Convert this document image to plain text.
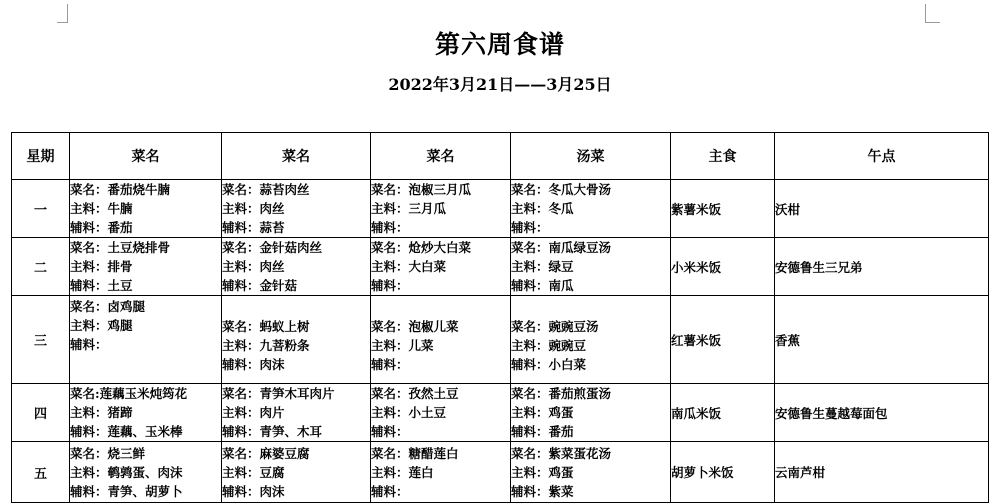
第六周食谱
2022年3月21日——3月25日
星期	菜名	菜名	菜名	汤菜	主食	午点
一	菜名：番茄烧牛腩
主料：牛腩
辅料：番茄	菜名：蒜苔肉丝
主料：肉丝
辅料：蒜苔	菜名：泡椒三月瓜
主料：三月瓜
辅料：	菜名：冬瓜大骨汤
主料：冬瓜
辅料：	紫薯米饭	沃柑
二	菜名：土豆烧排骨
主料：排骨
辅料：土豆	菜名：金针菇肉丝
主料：肉丝
辅料：金针菇	菜名：炝炒大白菜
主料：大白菜
辅料：	菜名：南瓜绿豆汤
主料：绿豆
辅料：南瓜	小米米饭	安德鲁生三兄弟
三	菜名：卤鸡腿
主料：鸡腿
辅料：	菜名：蚂蚁上树
主料：九菩粉条
辅料：肉沫	菜名：泡椒儿菜
主料：儿菜
辅料：	菜名：豌豌豆汤
主料：豌豌豆
辅料：小白菜	红薯米饭	香蕉
四	菜名:莲藕玉米炖筠花
主料：猪蹄
辅料：莲藕、玉米棒	菜名：青笋木耳肉片
主料：肉片
辅料：青笋、木耳	菜名：孜然土豆
主料：小土豆
辅料：	菜名：番茄煎蛋汤
主料：鸡蛋
辅料：番茄	南瓜米饭	安德鲁生蔓越莓面包
五	菜名：烧三鲜
主料：鹌鹑蛋、肉沫
辅料：青笋、胡萝卜	菜名：麻婆豆腐
主料：豆腐
辅料：肉沫	菜名：糖醋莲白
主料：莲白
辅料：	菜名：紫菜蛋花汤
主料：鸡蛋
辅料：紫菜	胡萝卜米饭	云南芦柑
